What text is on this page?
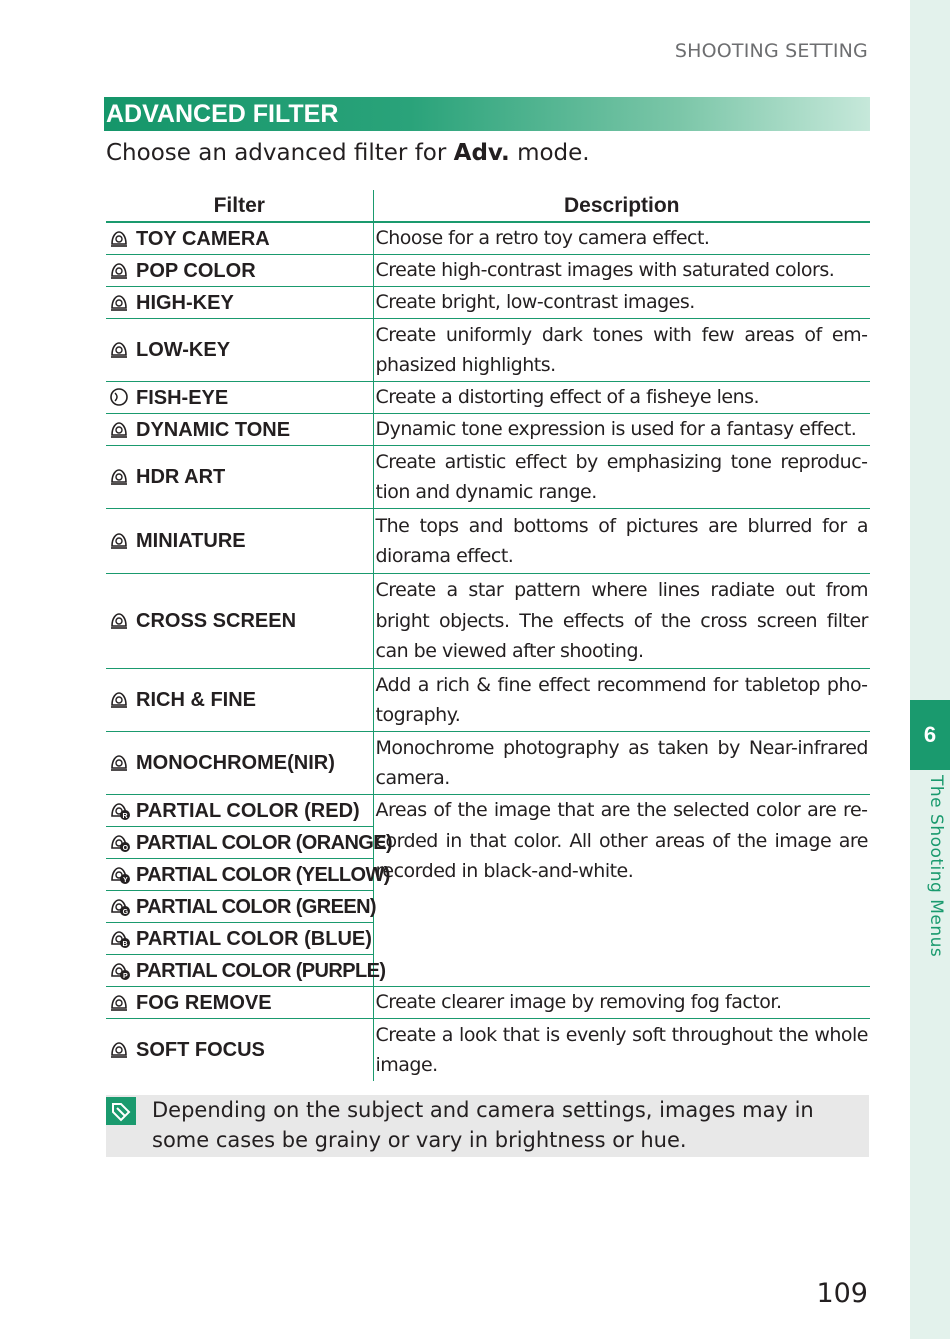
6
The Shooting Menus
SHOOTING SETTING
ADVANCED FILTER
Choose an advanced filter for Adv. mode.
Filter	Description

TOY CAMERA	Choose for a retro toy camera effect.

POP COLOR	Create high-contrast images with saturated colors.

HIGH-KEY	Create bright, low-contrast images.

LOW-KEY	Create uniformly dark tones with few areas of emphasized highlights.

FISH-EYE	Create a distorting effect of a fisheye lens.

DYNAMIC TONE	Dynamic tone expression is used for a fantasy effect.

HDR ART	Create artistic effect by emphasizing tone reproduction and dynamic range.

MINIATURE	The tops and bottoms of pictures are blurred for a diorama effect.

CROSS SCREEN	Create a star pattern where lines radiate out from bright objects. The effects of the cross screen filter can be viewed after shooting.

RICH & FINE	Add a rich & fine effect recommend for tabletop photography.

MONOCHROME(NIR)	Monochrome photography as taken by Near-infrared camera.

R PARTIAL COLOR (RED)	Areas of the image that are the selected color are recorded in that color. All other areas of the image are recorded in black-and-white.

O PARTIAL COLOR (ORANGE)	

Y PARTIAL COLOR (YELLOW)	

G PARTIAL COLOR (GREEN)	

B PARTIAL COLOR (BLUE)	

P PARTIAL COLOR (PURPLE)	

FOG REMOVE	Create clearer image by removing fog factor.

SOFT FOCUS	Create a look that is evenly soft throughout the whole image.
Depending on the subject and camera settings, images may in some cases be grainy or vary in brightness or hue.
109
